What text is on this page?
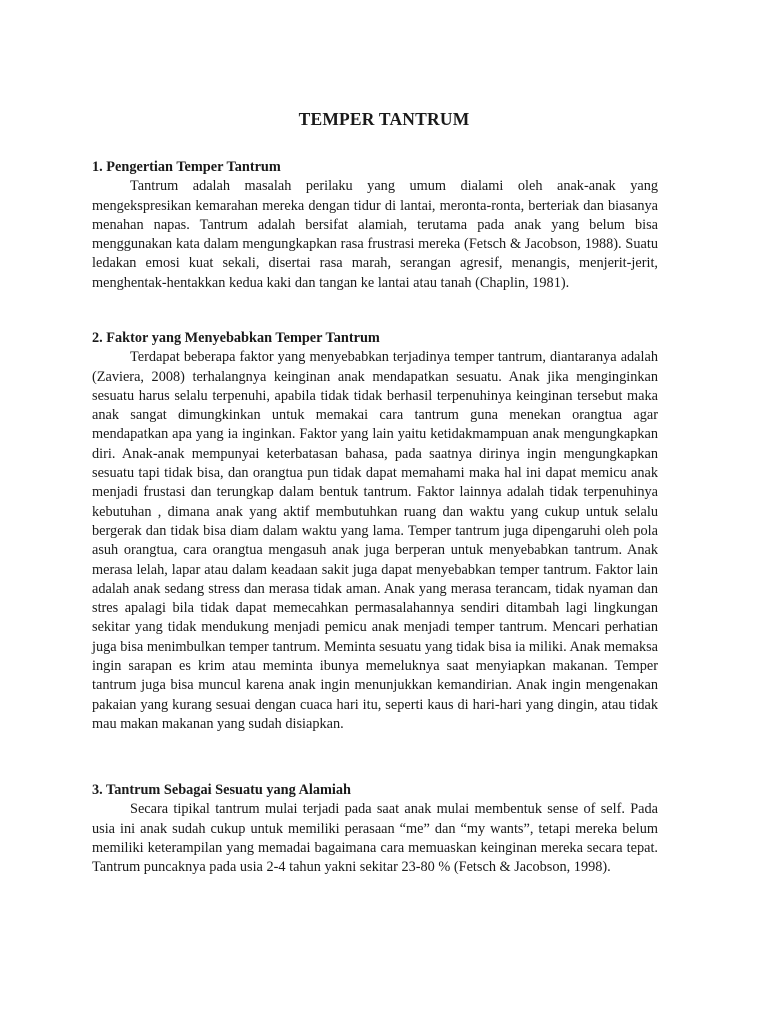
TEMPER TANTRUM

1. Pengertian Temper Tantrum

Tantrum adalah masalah perilaku yang umum dialami oleh anak-anak yang mengekspresikan kemarahan mereka dengan tidur di lantai, meronta-ronta, berteriak dan biasanya menahan napas. Tantrum adalah bersifat alamiah, terutama pada anak yang belum bisa menggunakan kata dalam mengungkapkan rasa frustrasi mereka (Fetsch & Jacobson, 1988). Suatu ledakan emosi kuat sekali, disertai rasa marah, serangan agresif, menangis, menjerit-jerit, menghentak-hentakkan kedua kaki dan tangan ke lantai atau tanah (Chaplin, 1981).

2. Faktor yang Menyebabkan Temper Tantrum

Terdapat beberapa faktor yang menyebabkan terjadinya temper tantrum, diantaranya adalah (Zaviera, 2008) terhalangnya keinginan anak mendapatkan sesuatu. Anak jika menginginkan sesuatu harus selalu terpenuhi, apabila tidak tidak berhasil terpenuhinya keinginan tersebut maka anak sangat dimungkinkan untuk memakai cara tantrum guna menekan orangtua agar mendapatkan apa yang ia inginkan. Faktor yang lain yaitu ketidakmampuan anak mengungkapkan diri. Anak-anak mempunyai keterbatasan bahasa, pada saatnya dirinya ingin mengungkapkan sesuatu tapi tidak bisa, dan orangtua pun tidak dapat memahami maka hal ini dapat memicu anak menjadi frustasi dan terungkap dalam bentuk tantrum. Faktor lainnya adalah tidak terpenuhinya kebutuhan , dimana anak yang aktif membutuhkan ruang dan waktu yang cukup untuk selalu bergerak dan tidak bisa diam dalam waktu yang lama. Temper tantrum juga dipengaruhi oleh pola asuh orangtua, cara orangtua mengasuh anak juga berperan untuk menyebabkan tantrum. Anak merasa lelah, lapar atau dalam keadaan sakit juga dapat menyebabkan temper tantrum. Faktor lain adalah anak sedang stress dan merasa tidak aman. Anak yang merasa terancam, tidak nyaman dan stres apalagi bila tidak dapat memecahkan permasalahannya sendiri ditambah lagi lingkungan sekitar yang tidak mendukung menjadi pemicu anak menjadi temper tantrum. Mencari perhatian juga bisa menimbulkan temper tantrum. Meminta sesuatu yang tidak bisa ia miliki. Anak memaksa ingin sarapan es krim atau meminta ibunya memeluknya saat menyiapkan makanan. Temper tantrum juga bisa muncul karena anak ingin menunjukkan kemandirian. Anak ingin mengenakan pakaian yang kurang sesuai dengan cuaca hari itu, seperti kaus di hari-hari yang dingin, atau tidak mau makan makanan yang sudah disiapkan.

3. Tantrum Sebagai Sesuatu yang Alamiah

Secara tipikal tantrum mulai terjadi pada saat anak mulai membentuk sense of self. Pada usia ini anak sudah cukup untuk memiliki perasaan “me” dan “my wants”, tetapi mereka belum memiliki keterampilan yang memadai bagaimana cara memuaskan keinginan mereka secara tepat. Tantrum puncaknya pada usia 2-4 tahun yakni sekitar 23-80 % (Fetsch & Jacobson, 1998).
